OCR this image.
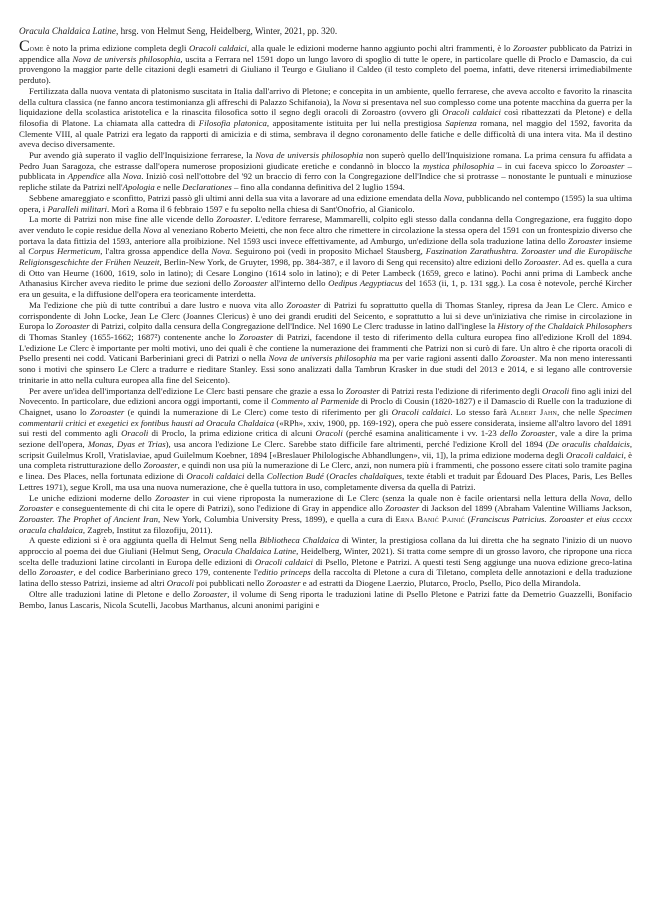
Oracula Chaldaica Latine, hrsg. von Helmut Seng, Heidelberg, Winter, 2021, pp. 320.

Come è noto la prima edizione completa degli Oracoli caldaici, alla quale le edizioni moderne hanno aggiunto pochi altri frammenti, è lo Zoroaster pubblicato da Patrizi in appendice alla Nova de universis philosophia, uscita a Ferrara nel 1591 dopo un lungo lavoro di spoglio di tutte le opere, in particolare quelle di Proclo e Damascio, da cui provengono la maggior parte delle citazioni degli esametri di Giuliano il Teurgo e Giuliano il Caldeo (il testo completo del poema, infatti, deve ritenersi irrimediabilmente perduto).

Fertilizzata dalla nuova ventata di platonismo suscitata in Italia dall'arrivo di Pletone; e concepita in un ambiente, quello ferrarese, che aveva accolto e favorito la rinascita della cultura classica (ne fanno ancora testimonianza gli affreschi di Palazzo Schifanoia), la Nova si presentava nel suo complesso come una potente macchina da guerra per la liquidazione della scolastica aristotelica e la rinascita filosofica sotto il segno degli oracoli di Zoroastro (ovvero gli Oracoli caldaici così ribattezzati da Pletone) e della filosofia di Platone. La chiamata alla cattedra di Filosofia platonica, appositamente istituita per lui nella prestigiosa Sapienza romana, nel maggio del 1592, favorita da Clemente VIII, al quale Patrizi era legato da rapporti di amicizia e di stima, sembrava il degno coronamento delle fatiche e delle difficoltà di una intera vita. Ma il destino aveva deciso diversamente.

Pur avendo già superato il vaglio dell'Inquisizione ferrarese, la Nova de universis philosophia non superò quello dell'Inquisizione romana. La prima censura fu affidata a Pedro Juan Saragoza, che estrasse dall'opera numerose proposizioni giudicate eretiche e condannò in blocco la mystica philosophia – in cui faceva spicco lo Zoroaster – pubblicata in Appendice alla Nova. Iniziò così nell'ottobre del '92 un braccio di ferro con la Congregazione dell'Indice che si protrasse – nonostante le puntuali e minuziose repliche stilate da Patrizi nell'Apologia e nelle Declarationes – fino alla condanna definitiva del 2 luglio 1594.

Sebbene amareggiato e sconfitto, Patrizi passò gli ultimi anni della sua vita a lavorare ad una edizione emendata della Nova, pubblicando nel contempo (1595) la sua ultima opera, i Paralleli militari. Morì a Roma il 6 febbraio 1597 e fu sepolto nella chiesa di Sant'Onofrio, al Gianicolo.

La morte di Patrizi non mise fine alle vicende dello Zoroaster. L'editore ferrarese, Mammarelli, colpito egli stesso dalla condanna della Congregazione, era fuggito dopo aver venduto le copie residue della Nova al veneziano Roberto Meietti, che non fece altro che rimettere in circolazione la stessa opera del 1591 con un frontespizio diverso che portava la data fittizia del 1593, anteriore alla proibizione. Nel 1593 usci invece effettivamente, ad Amburgo, un'edizione della sola traduzione latina dello Zoroaster insieme al Corpus Hermeticum, l'altra grossa appendice della Nova. Seguirono poi (vedi in proposito Michael Stausberg, Faszination Zarathushtra. Zoroaster und die Europäische Religionsgeschichte der Frühen Neuzeit, Berlin-New York, de Gruyter, 1998, pp. 384-387, e il lavoro di Seng qui recensito) altre edizioni dello Zoroaster. Ad es. quella a cura di Otto van Heurne (1600, 1619, solo in latino); di Cesare Longino (1614 solo in latino); e di Peter Lambeck (1659, greco e latino). Pochi anni prima di Lambeck anche Athanasius Kircher aveva riedito le prime due sezioni dello Zoroaster all'interno dello Oedipus Aegyptiacus del 1653 (ii, 1, p. 131 sgg.). La cosa è notevole, perché Kircher era un gesuita, e la diffusione dell'opera era teoricamente interdetta.

Ma l'edizione che più di tutte contribuì a dare lustro e nuova vita allo Zoroaster di Patrizi fu soprattutto quella di Thomas Stanley, ripresa da Jean Le Clerc. Amico e corrispondente di John Locke, Jean Le Clerc (Joannes Clericus) è uno dei grandi eruditi del Seicento, e soprattutto a lui si deve un'iniziativa che rimise in circolazione in Europa lo Zoroaster di Patrizi, colpito dalla censura della Congregazione dell'Indice. Nel 1690 Le Clerc tradusse in latino dall'inglese la History of the Chaldaick Philosophers di Thomas Stanley (1655-1662; 1687²) contenente anche lo Zoroaster di Patrizi, facendone il testo di riferimento della cultura europea fino all'edizione Kroll del 1894. L'edizione Le Clerc è importante per molti motivi, uno dei quali è che contiene la numerazione dei frammenti che Patrizi non si curò di fare. Un altro è che riporta oracoli di Psello presenti nei codd. Vaticani Barberiniani greci di Patrizi o nella Nova de universis philosophia ma per varie ragioni assenti dallo Zoroaster. Ma non meno interessanti sono i motivi che spinsero Le Clerc a tradurre e rieditare Stanley. Essi sono analizzati dalla Tambrun Krasker in due studi del 2013 e 2014, e si legano alle controversie trinitarie in atto nella cultura europea alla fine del Seicento).

Per avere un'idea dell'importanza dell'edizione Le Clerc basti pensare che grazie a essa lo Zoroaster di Patrizi resta l'edizione di riferimento degli Oracoli fino agli inizi del Novecento. In particolare, due edizioni ancora oggi importanti, come il Commento al Parmenide di Proclo di Cousin (1820-1827) e il Damascio di Ruelle con la traduzione di Chaignet, usano lo Zoroaster (e quindi la numerazione di Le Clerc) come testo di riferimento per gli Oracoli caldaici. Lo stesso farà Albert Jahn, che nelle Specimen commentarii critici et exegetici ex fontibus hausti ad Oracula Chaldaica («RPh», xxiv, 1900, pp. 169-192), opera che può essere considerata, insieme all'altro lavoro del 1891 sui resti del commento agli Oracoli di Proclo, la prima edizione critica di alcuni Oracoli (perché esamina analiticamente i vv. 1-23 dello Zoroaster, vale a dire la prima sezione dell'opera, Monas, Dyas et Trias), usa ancora l'edizione Le Clerc. Sarebbe stato difficile fare altrimenti, perché l'edizione Kroll del 1894 (De oraculis chaldaicis, scripsit Guilelmus Kroll, Vratislaviae, apud Guilelmum Koebner, 1894 [«Breslauer Philologische Abhandlungen», vii, 1]), la prima edizione moderna degli Oracoli caldaici, è una completa ristrutturazione dello Zoroaster, e quindi non usa più la numerazione di Le Clerc, anzi, non numera più i frammenti, che possono essere citati solo tramite pagina e linea. Des Places, nella fortunata edizione di Oracoli caldaici della Collection Budé (Oracles chaldaïques, texte établi et traduit par Édouard Des Places, Paris, Les Belles Lettres 1971), segue Kroll, ma usa una nuova numerazione, che è quella tuttora in uso, completamente diversa da quella di Patrizi.

Le uniche edizioni moderne dello Zoroaster in cui viene riproposta la numerazione di Le Clerc (senza la quale non è facile orientarsi nella lettura della Nova, dello Zoroaster e conseguentemente di chi cita le opere di Patrizi), sono l'edizione di Gray in appendice allo Zoroaster di Jackson del 1899 (Abraham Valentine Williams Jackson, Zoroaster. The Prophet of Ancient Iran, New York, Columbia University Press, 1899), e quella a cura di Erna Banić Pajnić (Franciscus Patricius. Zoroaster et eius cccxx oracula chaldaica, Zagreb, Institut za filozofiju, 2011).

A queste edizioni si è ora aggiunta quella di Helmut Seng nella Bibliotheca Chaldaica di Winter, la prestigiosa collana da lui diretta che ha segnato l'inizio di un nuovo approccio al poema dei due Giuliani (Helmut Seng, Oracula Chaldaica Latine, Heidelberg, Winter, 2021). Si tratta come sempre di un grosso lavoro, che ripropone una ricca scelta delle traduzioni latine circolanti in Europa delle edizioni di Oracoli caldaici di Psello, Pletone e Patrizi. A questi testi Seng aggiunge una nuova edizione greco-latina dello Zoroaster, e del codice Barberiniano greco 179, contenente l'editio princeps della raccolta di Pletone a cura di Tiletano, completa delle annotazioni e della traduzione latina dello stesso Patrizi, insieme ad altri Oracoli poi pubblicati nello Zoroaster e ad estratti da Diogene Laerzio, Plutarco, Proclo, Psello, Pico della Mirandola.

Oltre alle traduzioni latine di Pletone e dello Zoroaster, il volume di Seng riporta le traduzioni latine di Psello Pletone e Patrizi fatte da Demetrio Guazzelli, Bonifacio Bembo, Ianus Lascaris, Nicola Scutelli, Jacobus Marthanus, alcuni anonimi parigini e
